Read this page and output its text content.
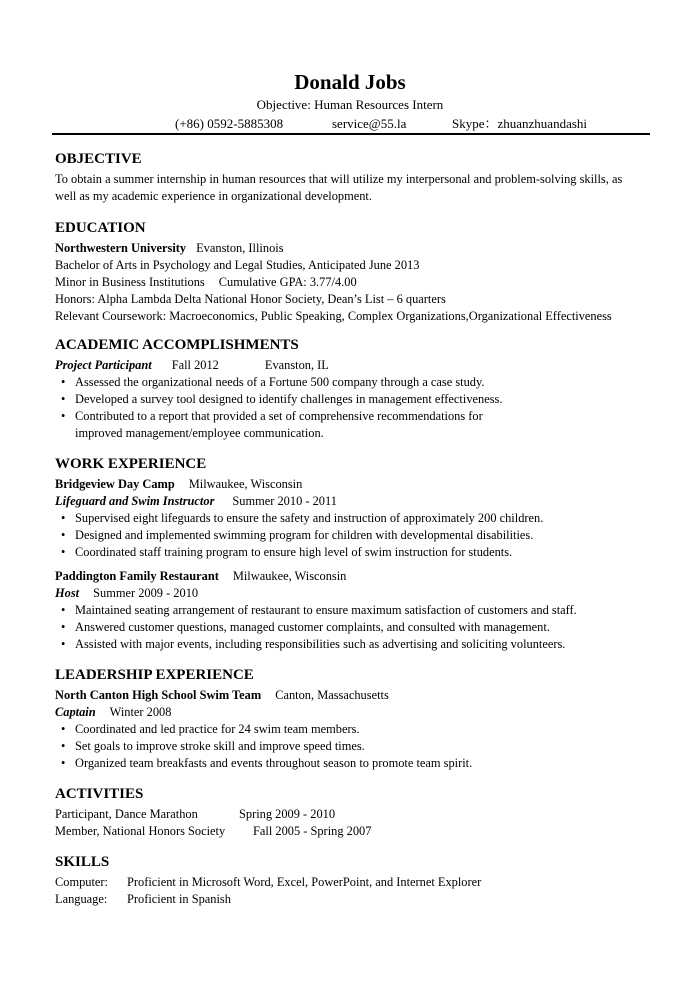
Donald Jobs
Objective: Human Resources Intern
(+86) 0592-5885308	service@55.la	Skype：zhuanzhuandashi
OBJECTIVE
To obtain a summer internship in human resources that will utilize my interpersonal and problem-solving skills, as well as my academic experience in organizational development.
EDUCATION
Northwestern University Evanston, Illinois
Bachelor of Arts in Psychology and Legal Studies, Anticipated June 2013
Minor in Business Institutions Cumulative GPA: 3.77/4.00
Honors: Alpha Lambda Delta National Honor Society, Dean’s List – 6 quarters
Relevant Coursework: Macroeconomics, Public Speaking, Complex Organizations,Organizational Effectiveness
ACADEMIC ACCOMPLISHMENTS
Project Participant Fall 2012	Evanston, IL
• Assessed the organizational needs of a Fortune 500 company through a case study.
• Developed a survey tool designed to identify challenges in management effectiveness.
• Contributed to a report that provided a set of comprehensive recommendations for improved management/employee communication.
WORK EXPERIENCE
Bridgeview Day Camp Milwaukee, Wisconsin
Lifeguard and Swim Instructor Summer 2010 - 2011
• Supervised eight lifeguards to ensure the safety and instruction of approximately 200 children.
• Designed and implemented swimming program for children with developmental disabilities.
• Coordinated staff training program to ensure high level of swim instruction for students.
Paddington Family Restaurant Milwaukee, Wisconsin
Host Summer 2009 - 2010
• Maintained seating arrangement of restaurant to ensure maximum satisfaction of customers and staff.
• Answered customer questions, managed customer complaints, and consulted with management.
• Assisted with major events, including responsibilities such as advertising and soliciting volunteers.
LEADERSHIP EXPERIENCE
North Canton High School Swim Team Canton, Massachusetts
Captain Winter 2008
• Coordinated and led practice for 24 swim team members.
• Set goals to improve stroke skill and improve speed times.
• Organized team breakfasts and events throughout season to promote team spirit.
ACTIVITIES
Participant, Dance Marathon	Spring 2009 - 2010
Member, National Honors Society Fall 2005 - Spring 2007
SKILLS
Computer:	Proficient in Microsoft Word, Excel, PowerPoint, and Internet Explorer
Language:	Proficient in Spanish
